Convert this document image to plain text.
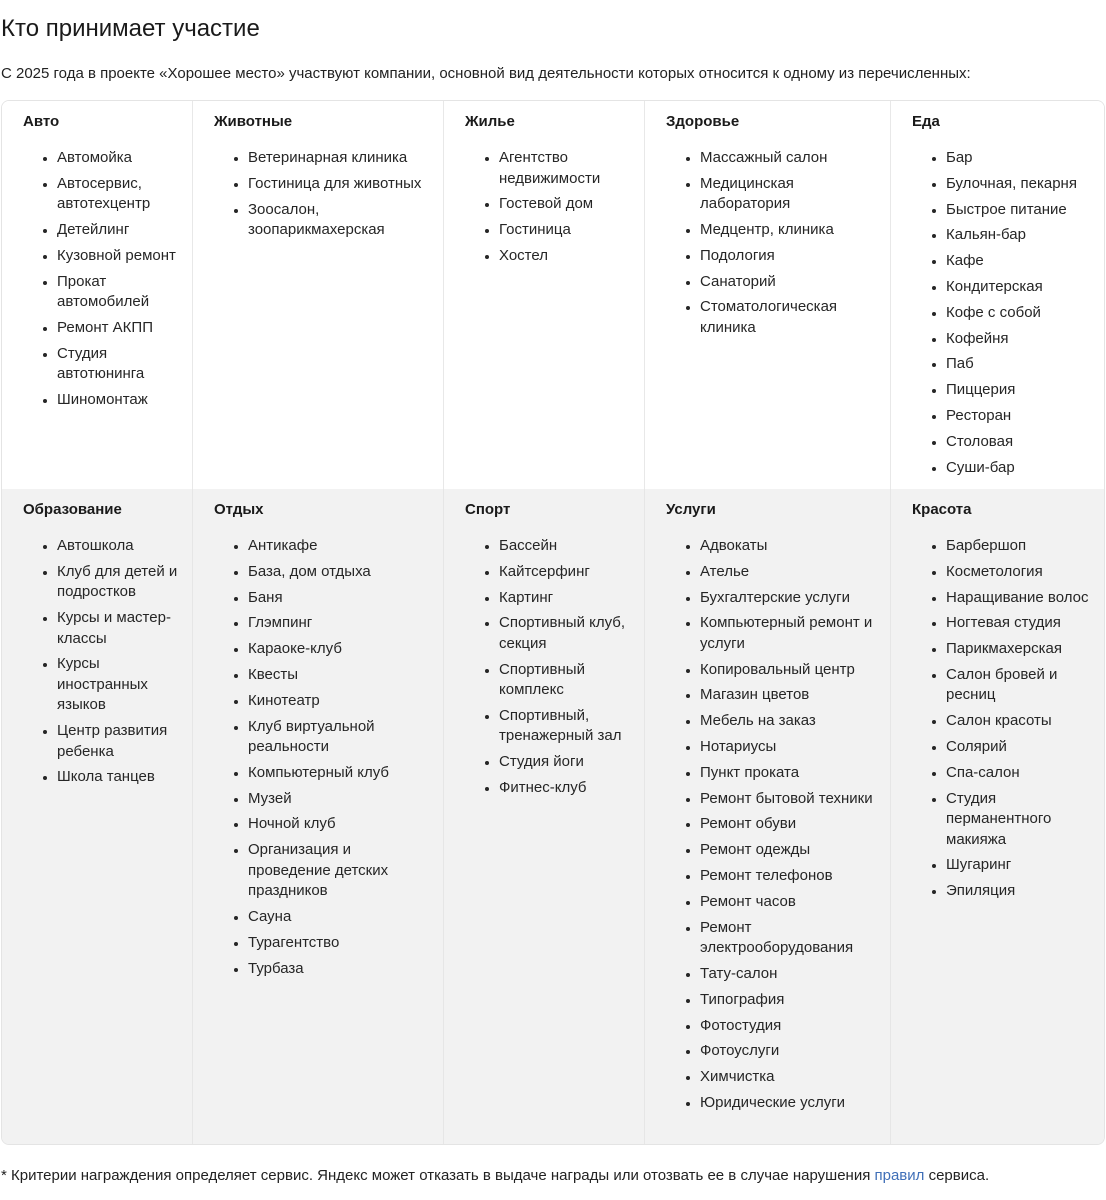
Кто принимает участие

С 2025 года в проекте «Хорошее место» участвуют компании, основной вид деятельности которых относится к одному из перечисленных:

Авто
• Автомойка
• Автосервис, автотехцентр
• Детейлинг
• Кузовной ремонт
• Прокат автомобилей
• Ремонт АКПП
• Студия автотюнинга
• Шиномонтаж
Животные
• Ветеринарная клиника
• Гостиница для животных
• Зоосалон, зоопарикмахерская
Жилье
• Агентство недвижимости
• Гостевой дом
• Гостиница
• Хостел
Здоровье
• Массажный салон
• Медицинская лаборатория
• Медцентр, клиника
• Подология
• Санаторий
• Стоматологическая клиника
Еда
• Бар
• Булочная, пекарня
• Быстрое питание
• Кальян-бар
• Кафе
• Кондитерская
• Кофе с собой
• Кофейня
• Паб
• Пиццерия
• Ресторан
• Столовая
• Суши-бар
Образование
• Автошкола
• Клуб для детей и подростков
• Курсы и мастер-классы
• Курсы иностранных языков
• Центр развития ребенка
• Школа танцев
Отдых
• Антикафе
• База, дом отдыха
• Баня
• Глэмпинг
• Караоке-клуб
• Квесты
• Кинотеатр
• Клуб виртуальной реальности
• Компьютерный клуб
• Музей
• Ночной клуб
• Организация и проведение детских праздников
• Сауна
• Турагентство
• Турбаза
Спорт
• Бассейн
• Кайтсерфинг
• Картинг
• Спортивный клуб, секция
• Спортивный комплекс
• Спортивный, тренажерный зал
• Студия йоги
• Фитнес-клуб
Услуги
• Адвокаты
• Ателье
• Бухгалтерские услуги
• Компьютерный ремонт и услуги
• Копировальный центр
• Магазин цветов
• Мебель на заказ
• Нотариусы
• Пункт проката
• Ремонт бытовой техники
• Ремонт обуви
• Ремонт одежды
• Ремонт телефонов
• Ремонт часов
• Ремонт электрооборудования
• Тату-салон
• Типография
• Фотостудия
• Фотоуслуги
• Химчистка
• Юридические услуги
Красота
• Барбершоп
• Косметология
• Наращивание волос
• Ногтевая студия
• Парикмахерская
• Салон бровей и ресниц
• Салон красоты
• Солярий
• Спа-салон
• Студия перманентного макияжа
• Шугаринг
• Эпиляция

* Критерии награждения определяет сервис. Яндекс может отказать в выдаче награды или отозвать ее в случае нарушения правил сервиса.
